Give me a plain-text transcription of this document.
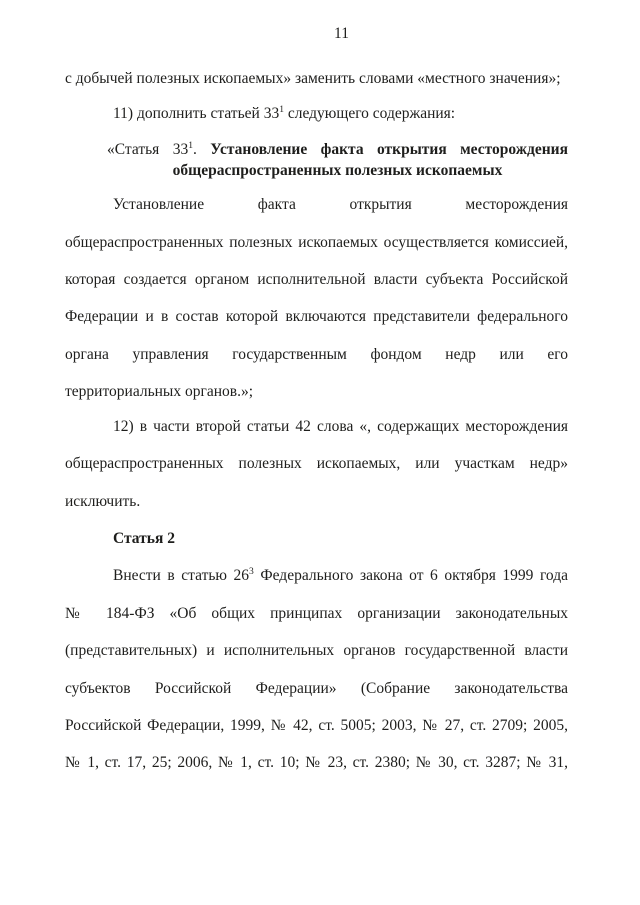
11
с добычей полезных ископаемых» заменить словами «местного значения»;
11) дополнить статьей $33^1$ следующего содержания:
«Статья $33^1$. Установление факта открытия месторождения
общераспространенных полезных ископаемых
Установление факта открытия месторождения
общераспространенных полезных ископаемых осуществляется комиссией,
которая создается органом исполнительной власти субъекта Российской
Федерации и в состав которой включаются представители федерального
органа управления государственным фондом недр или его
территориальных органов.»;
12) в части второй статьи 42 слова «, содержащих месторождения
общераспространенных полезных ископаемых, или участкам недр»
исключить.
Статья 2
Внести в статью $26^3$ Федерального закона от 6 октября 1999 года
№ 184-ФЗ «Об общих принципах организации законодательных
(представительных) и исполнительных органов государственной власти
субъектов Российской Федерации» (Собрание законодательства
Российской Федерации, 1999, № 42, ст. 5005; 2003, № 27, ст. 2709; 2005,
№ 1, ст. 17, 25; 2006, № 1, ст. 10; № 23, ст. 2380; № 30, ст. 3287; № 31,
